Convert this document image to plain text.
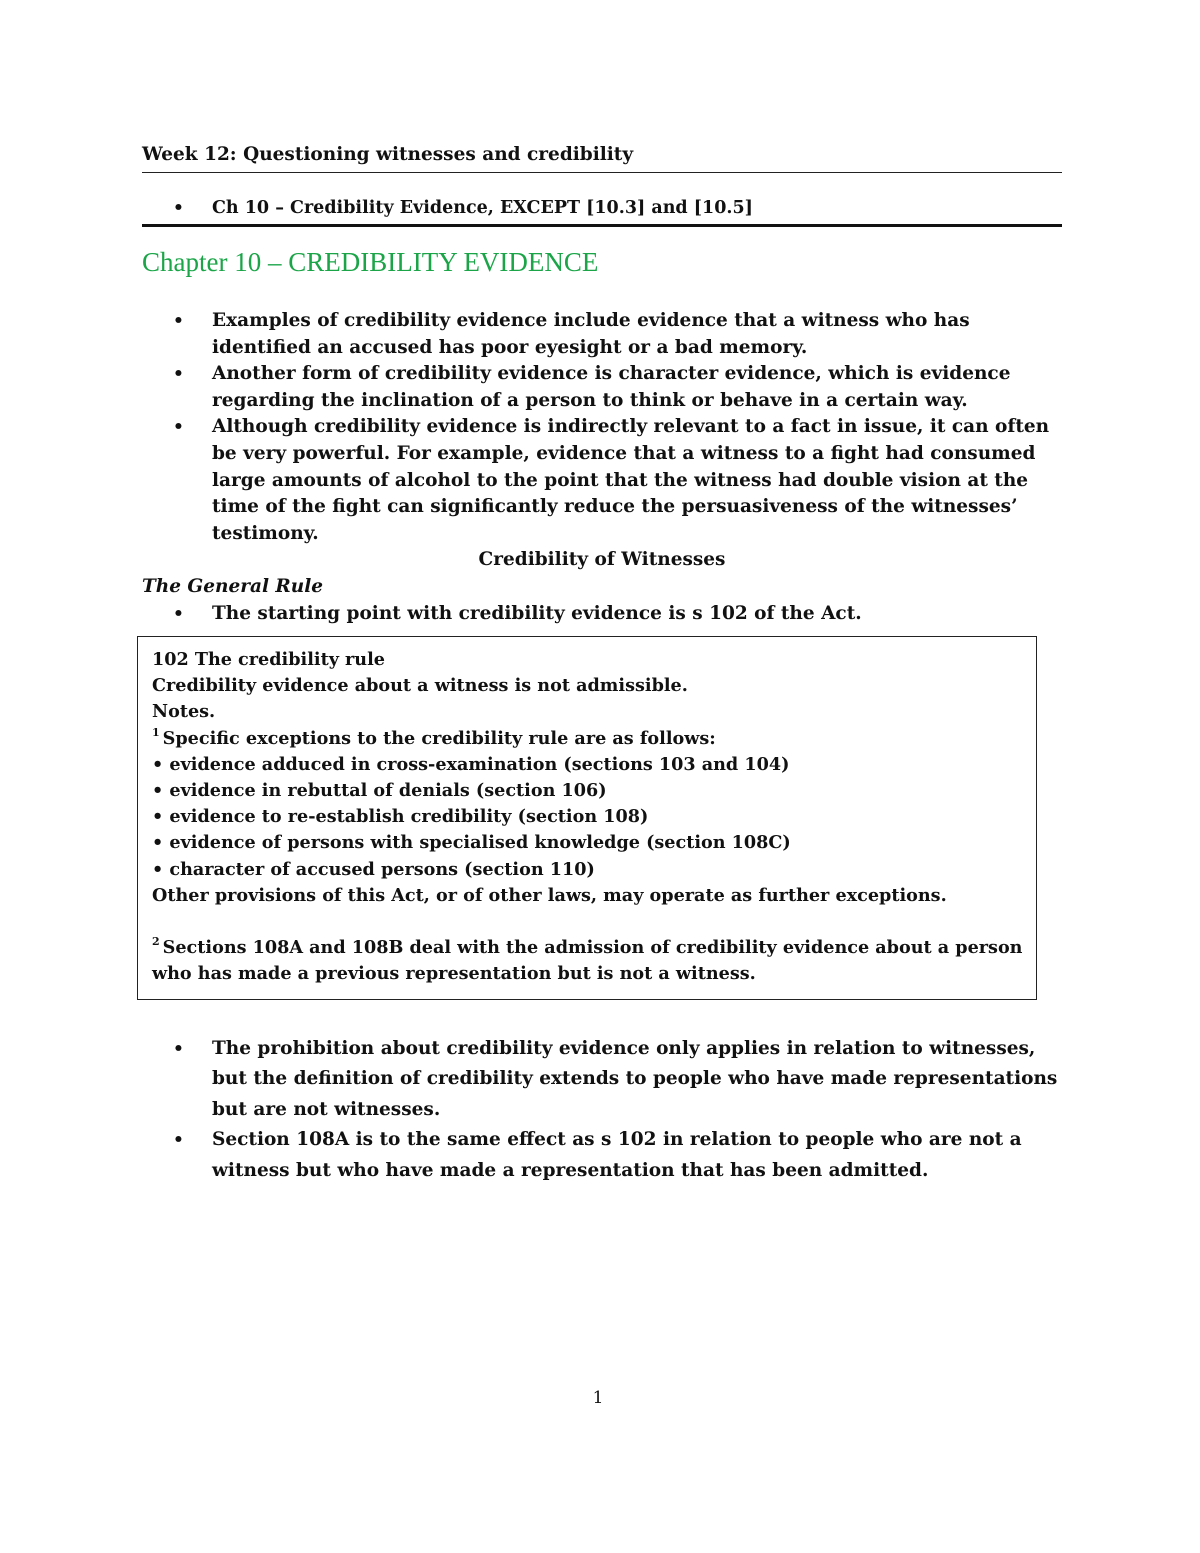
Week 12: Questioning witnesses and credibility
• Ch 10 – Credibility Evidence, EXCEPT [10.3] and [10.5]
Chapter 10 – CREDIBILITY EVIDENCE
• Examples of credibility evidence include evidence that a witness who has identified an accused has poor eyesight or a bad memory.
• Another form of credibility evidence is character evidence, which is evidence regarding the inclination of a person to think or behave in a certain way.
• Although credibility evidence is indirectly relevant to a fact in issue, it can often be very powerful. For example, evidence that a witness to a fight had consumed large amounts of alcohol to the point that the witness had double vision at the time of the fight can significantly reduce the persuasiveness of the witnesses’ testimony.
Credibility of Witnesses
The General Rule
• The starting point with credibility evidence is s 102 of the Act.

102 The credibility rule

Credibility evidence about a witness is not admissible.

Notes.

$^1$ Specific exceptions to the credibility rule are as follows:

• evidence adduced in cross-examination (sections 103 and 104)

• evidence in rebuttal of denials (section 106)

• evidence to re-establish credibility (section 108)

• evidence of persons with specialised knowledge (section 108C)

• character of accused persons (section 110)

Other provisions of this Act, or of other laws, may operate as further exceptions.

$^2$ Sections 108A and 108B deal with the admission of credibility evidence about a person who has made a previous representation but is not a witness.

• The prohibition about credibility evidence only applies in relation to witnesses, but the definition of credibility extends to people who have made representations but are not witnesses.
• Section 108A is to the same effect as s 102 in relation to people who are not a witness but who have made a representation that has been admitted.
1
